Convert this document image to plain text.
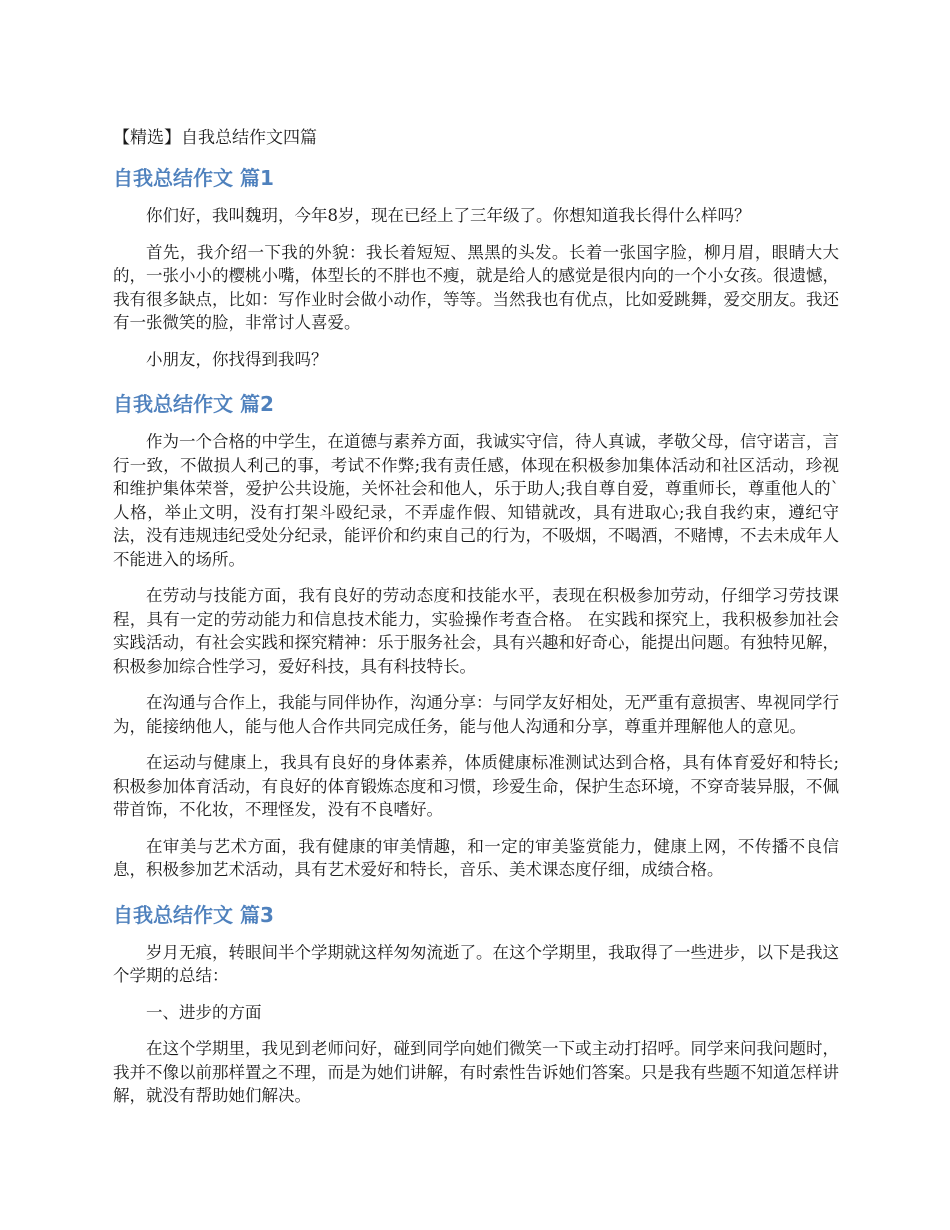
【精选】自我总结作文四篇
自我总结作文 篇1

你们好，我叫魏玥，今年8岁，现在已经上了三年级了。你想知道我长得什么样吗？

首先，我介绍一下我的外貌：我长着短短、黑黑的头发。长着一张国字脸，柳月眉，眼睛大大的，一张小小的樱桃小嘴，体型长的不胖也不瘦，就是给人的感觉是很内向的一个小女孩。很遗憾，我有很多缺点，比如：写作业时会做小动作，等等。当然我也有优点，比如爱跳舞，爱交朋友。我还有一张微笑的脸，非常讨人喜爱。

小朋友，你找得到我吗？

自我总结作文 篇2

作为一个合格的中学生，在道德与素养方面，我诚实守信，待人真诚，孝敬父母，信守诺言，言行一致，不做损人利己的事，考试不作弊;我有责任感，体现在积极参加集体活动和社区活动，珍视和维护集体荣誉，爱护公共设施，关怀社会和他人，乐于助人;我自尊自爱，尊重师长，尊重他人的`人格，举止文明，没有打架斗殴纪录，不弄虚作假、知错就改，具有进取心;我自我约束，遵纪守法，没有违规违纪受处分纪录，能评价和约束自己的行为，不吸烟，不喝酒，不赌博，不去未成年人不能进入的场所。

在劳动与技能方面，我有良好的劳动态度和技能水平，表现在积极参加劳动，仔细学习劳技课程，具有一定的劳动能力和信息技术能力，实验操作考查合格。 在实践和探究上，我积极参加社会实践活动，有社会实践和探究精神：乐于服务社会，具有兴趣和好奇心，能提出问题。有独特见解，积极参加综合性学习，爱好科技，具有科技特长。

在沟通与合作上，我能与同伴协作，沟通分享：与同学友好相处，无严重有意损害、卑视同学行为，能接纳他人，能与他人合作共同完成任务，能与他人沟通和分享，尊重并理解他人的意见。

在运动与健康上，我具有良好的身体素养，体质健康标准测试达到合格，具有体育爱好和特长;积极参加体育活动，有良好的体育锻炼态度和习惯，珍爱生命，保护生态环境，不穿奇装异服，不佩带首饰，不化妆，不理怪发，没有不良嗜好。

在审美与艺术方面，我有健康的审美情趣，和一定的审美鉴赏能力，健康上网，不传播不良信息，积极参加艺术活动，具有艺术爱好和特长，音乐、美术课态度仔细，成绩合格。

自我总结作文 篇3

岁月无痕，转眼间半个学期就这样匆匆流逝了。在这个学期里，我取得了一些进步，以下是我这个学期的总结：

一、进步的方面

在这个学期里，我见到老师问好，碰到同学向她们微笑一下或主动打招呼。同学来问我问题时，我并不像以前那样置之不理，而是为她们讲解，有时索性告诉她们答案。只是我有些题不知道怎样讲解，就没有帮助她们解决。
